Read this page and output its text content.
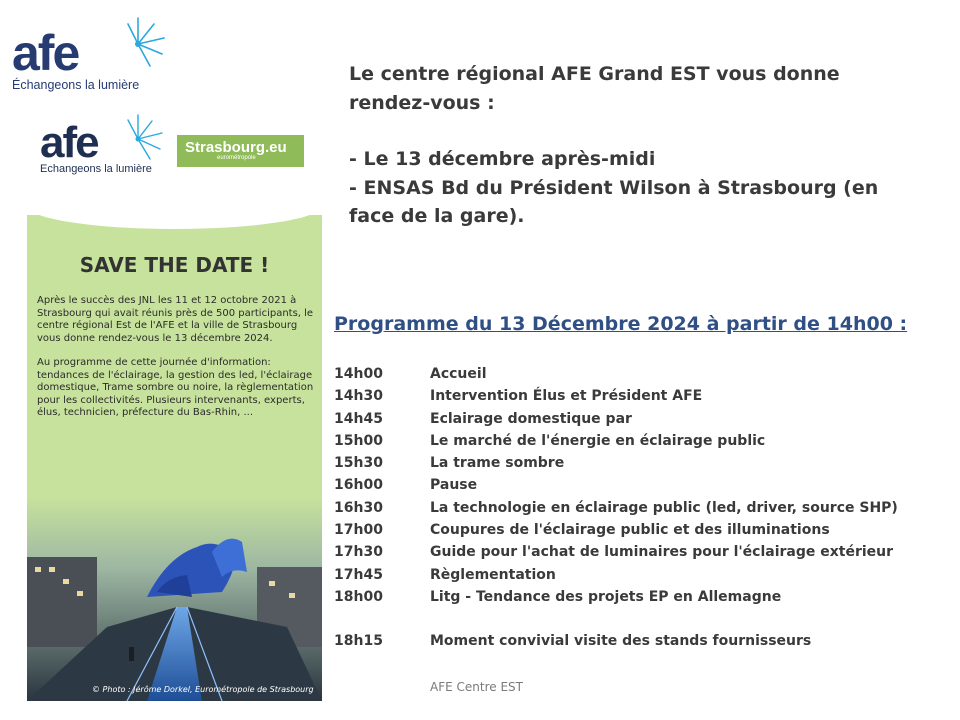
afe
Échangeons la lumière
afe
Echangeons la lumière
Strasbourg.eu
eurométropole
SAVE THE DATE !

Après le succès des JNL les 11 et 12 octobre 2021 à Strasbourg qui avait réunis près de 500 participants, le centre régional Est de l'AFE et la ville de Strasbourg vous donne rendez-vous le 13 décembre 2024.

Au programme de cette journée d'information: tendances de l'éclairage, la gestion des led, l'éclairage domestique, Trame sombre ou noire, la règlementation pour les collectivités. Plusieurs intervenants, experts, élus, technicien, préfecture du Bas-Rhin, ...

© Photo : Jérôme Dorkel, Eurométropole de Strasbourg
Le centre régional AFE Grand EST vous donne
rendez-vous :
- Le 13 décembre après-midi
- ENSAS Bd du Président Wilson à Strasbourg (en
face de la gare).
Programme du 13 Décembre 2024 à partir de 14h00 :
14h00	Accueil
14h30	Intervention Élus et Président AFE
14h45	Eclairage domestique par
15h00	Le marché de l'énergie en éclairage public
15h30	La trame sombre
16h00	Pause
16h30	La technologie en éclairage public (led, driver, source SHP)
17h00	Coupures de l'éclairage public et des illuminations
17h30	Guide pour l'achat de luminaires pour l'éclairage extérieur
17h45	Règlementation
18h00	Litg - Tendance des projets EP en Allemagne
18h15	Moment convivial visite des stands fournisseurs
AFE Centre EST
